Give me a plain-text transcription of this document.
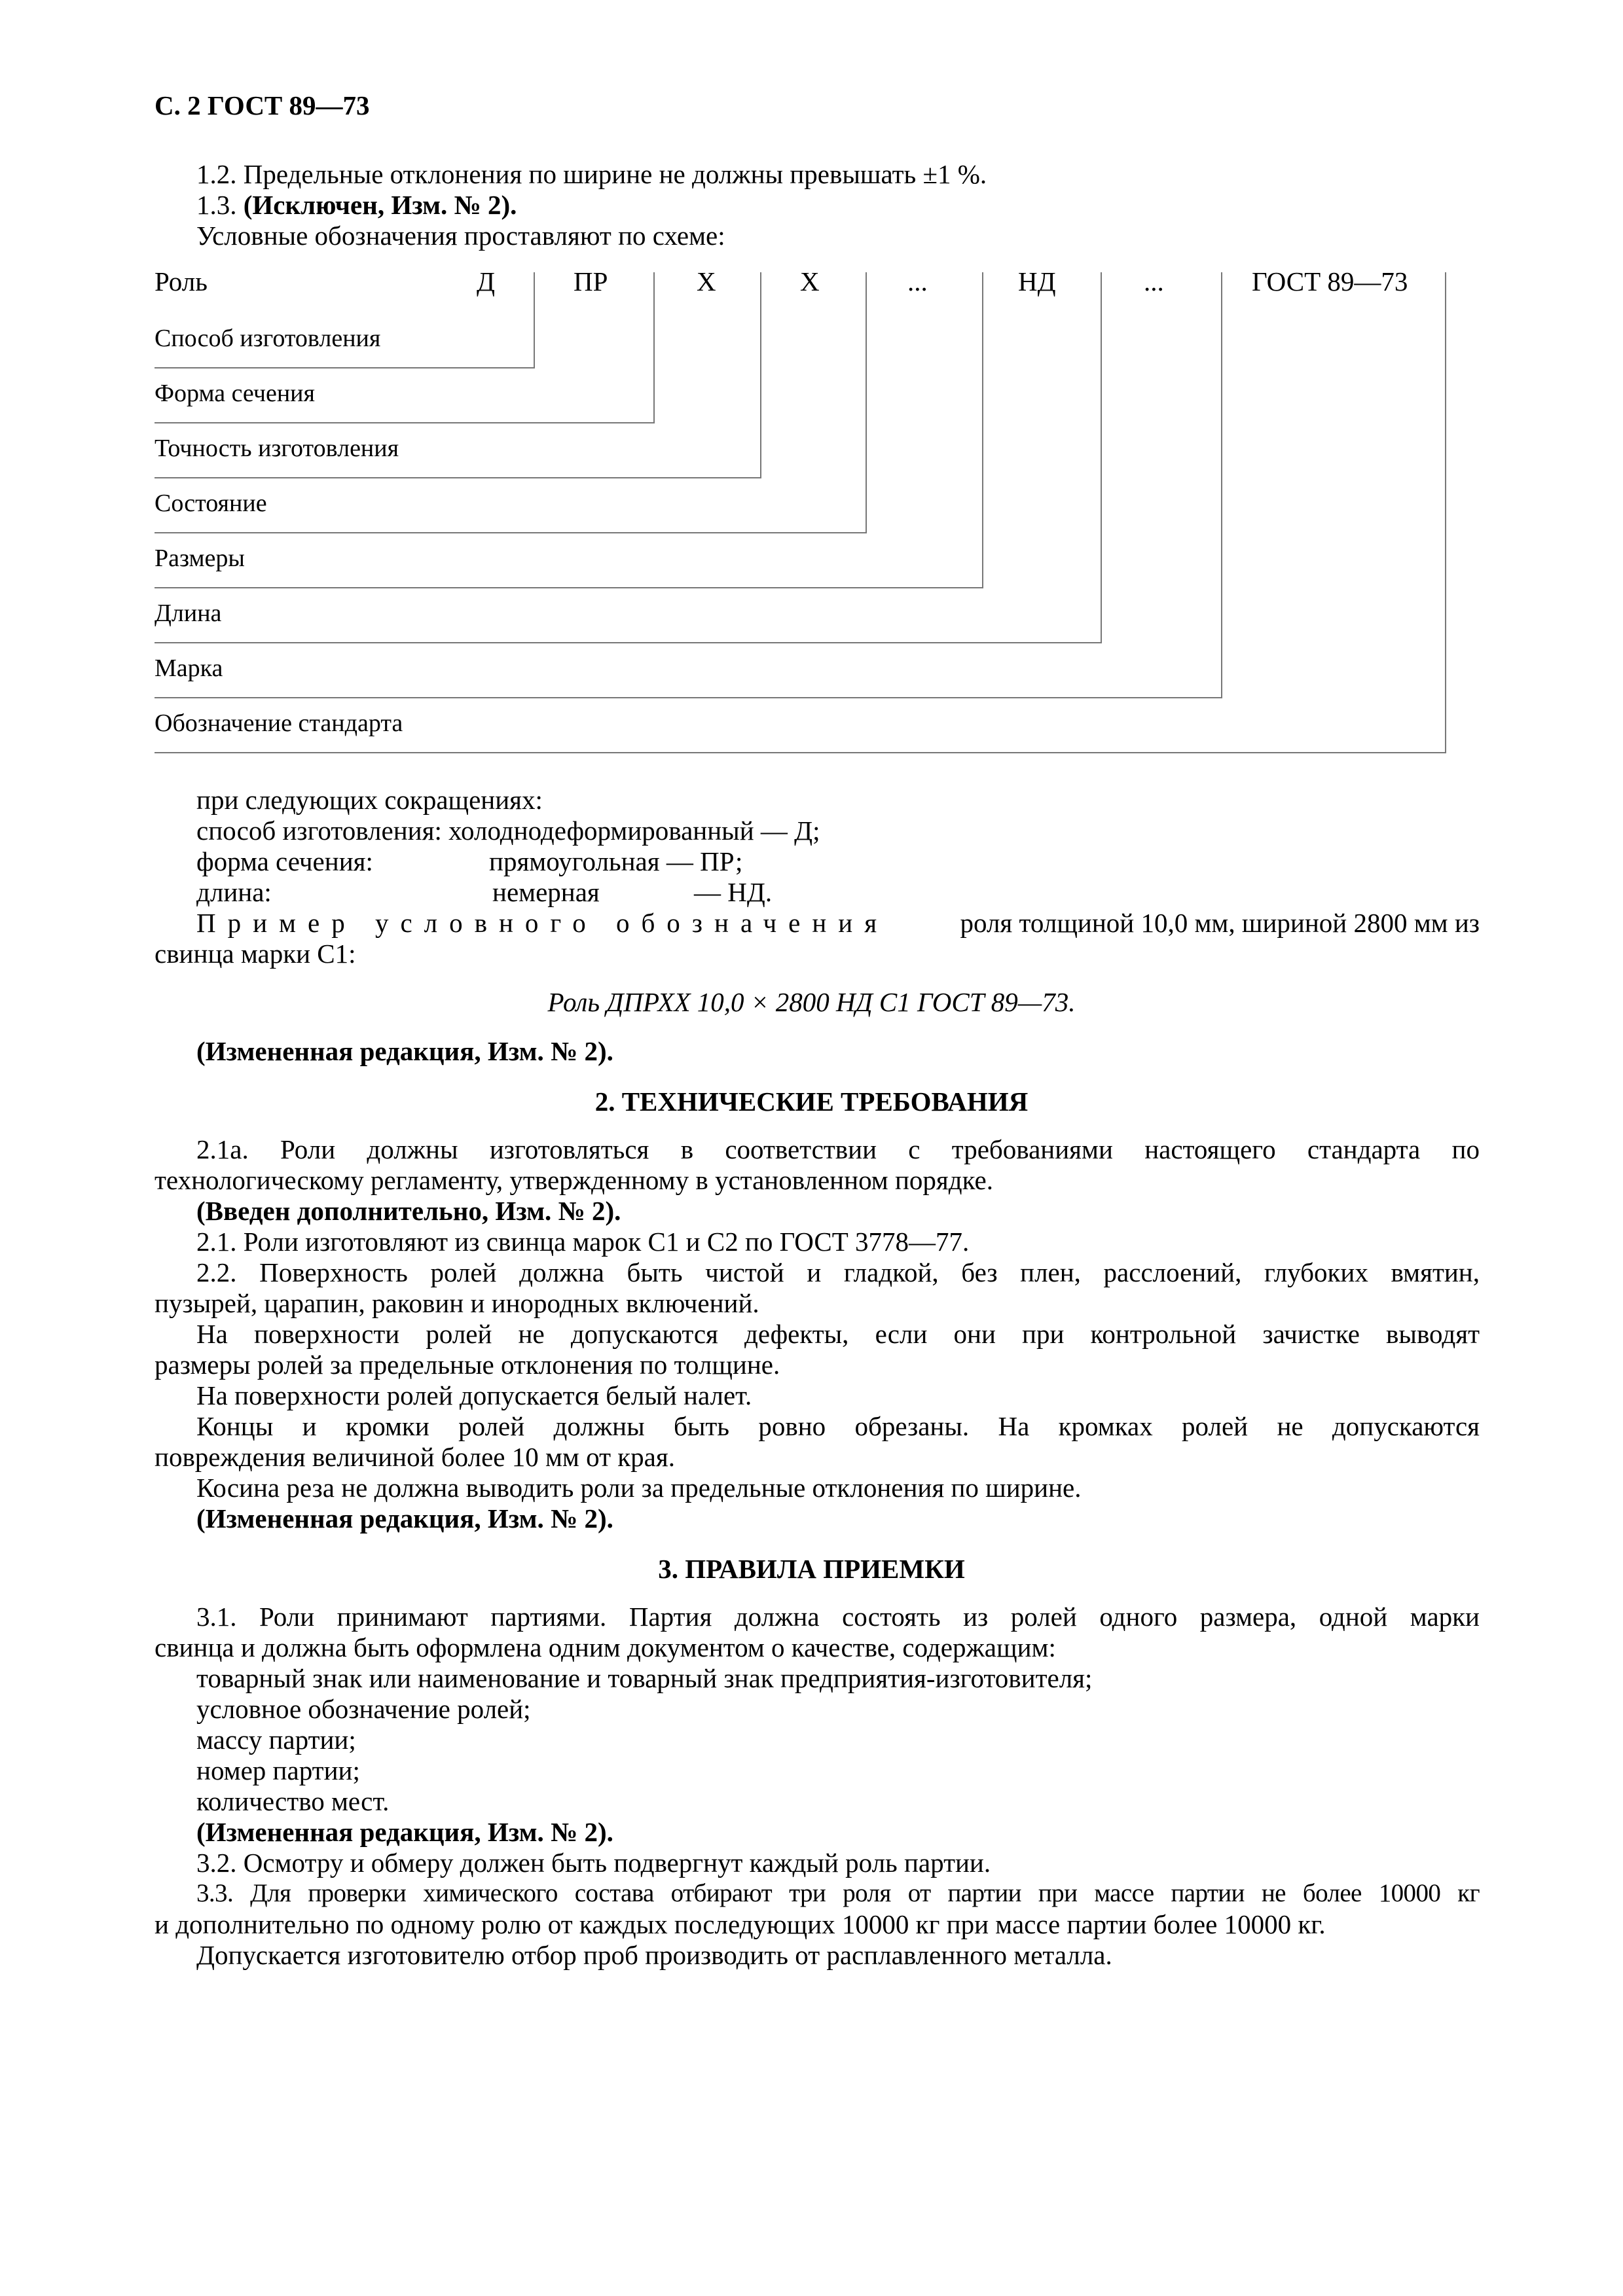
С. 2 ГОСТ 89—73
1.2. Предельные отклонения по ширине не должны превышать ±1 %.
1.3. (Исключен, Изм. № 2).
Условные обозначения проставляют по схеме:
Роль	Д	ПР	Х	Х	...	НД	...	ГОСТ 89—73
Способ изготовления
Форма сечения
Точность изготовления
Состояние
Размеры
Длина
Марка
Обозначение стандарта
при следующих сокращениях:
способ изготовления: холоднодеформированный — Д;
форма сечения:	прямоугольная — ПР;
длина:	немерная	— НД.
Пример условного обозначения	роля толщиной 10,0 мм, шириной 2800 мм из
свинца марки С1:
Роль ДПРХХ 10,0 × 2800 НД С1 ГОСТ 89—73.
(Измененная редакция, Изм. № 2).
2. ТЕХНИЧЕСКИЕ ТРЕБОВАНИЯ
2.1а. Роли должны изготовляться в соответствии с требованиями настоящего стандарта по
технологическому регламенту, утвержденному в установленном порядке.
(Введен дополнительно, Изм. № 2).
2.1. Роли изготовляют из свинца марок С1 и С2 по ГОСТ 3778—77.
2.2. Поверхность ролей должна быть чистой и гладкой, без плен, расслоений, глубоких вмятин,
пузырей, царапин, раковин и инородных включений.
На поверхности ролей не допускаются дефекты, если они при контрольной зачистке выводят
размеры ролей за предельные отклонения по толщине.
На поверхности ролей допускается белый налет.
Концы и кромки ролей должны быть ровно обрезаны. На кромках ролей не допускаются
повреждения величиной более 10 мм от края.
Косина реза не должна выводить роли за предельные отклонения по ширине.
(Измененная редакция, Изм. № 2).
3. ПРАВИЛА ПРИЕМКИ
3.1. Роли принимают партиями. Партия должна состоять из ролей одного размера, одной марки
свинца и должна быть оформлена одним документом о качестве, содержащим:
товарный знак или наименование и товарный знак предприятия-изготовителя;
условное обозначение ролей;
массу партии;
номер партии;
количество мест.
(Измененная редакция, Изм. № 2).
3.2. Осмотру и обмеру должен быть подвергнут каждый роль партии.
3.3. Для проверки химического состава отбирают три роля от партии при массе партии не более 10000 кг
и дополнительно по одному ролю от каждых последующих 10000 кг при массе партии более 10000 кг.
Допускается изготовителю отбор проб производить от расплавленного металла.
